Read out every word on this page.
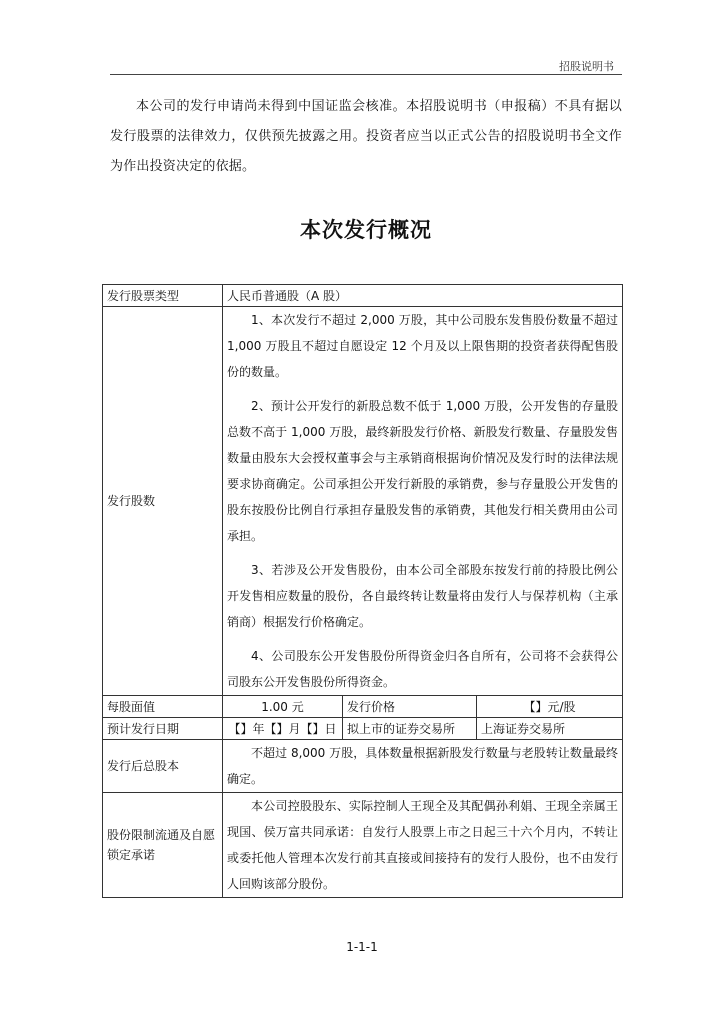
招股说明书

本公司的发行申请尚未得到中国证监会核准。本招股说明书（申报稿）不具有据以发行股票的法律效力，仅供预先披露之用。投资者应当以正式公告的招股说明书全文作为作出投资决定的依据。

本次发行概况
发行股票类型	人民币普通股（A 股）		
发行股数	1、本次发行不超过 2,000 万股，其中公司股东发售股份数量不超过 1,000 万股且不超过自愿设定 12 个月及以上限售期的投资者获得配售股份的数量。

2、预计公开发行的新股总数不低于 1,000 万股，公开发售的存量股总数不高于 1,000 万股，最终新股发行价格、新股发行数量、存量股发售数量由股东大会授权董事会与主承销商根据询价情况及发行时的法律法规要求协商确定。公司承担公开发行新股的承销费，参与存量股公开发售的股东按股份比例自行承担存量股发售的承销费，其他发行相关费用由公司承担。

3、若涉及公开发售股份，由本公司全部股东按发行前的持股比例公开发售相应数量的股份，各自最终转让数量将由发行人与保荐机构（主承销商）根据发行价格确定。

4、公司股东公开发售股份所得资金归各自所有，公司将不会获得公司股东公开发售股份所得资金。		

每股面值	1.00 元	发行价格	【】元/股
预计发行日期	【】年【】月【】日	拟上市的证券交易所	上海证券交易所
发行后总股本	不超过 8,000 万股，具体数量根据新股发行数量与老股转让数量最终确定。		

股份限制流通及自愿锁定承诺	本公司控股股东、实际控制人王现全及其配偶孙利娟、王现全亲属王现国、侯万富共同承诺：自发行人股票上市之日起三十六个月内，不转让或委托他人管理本次发行前其直接或间接持有的发行人股份，也不由发行人回购该部分股份。		

1-1-1
